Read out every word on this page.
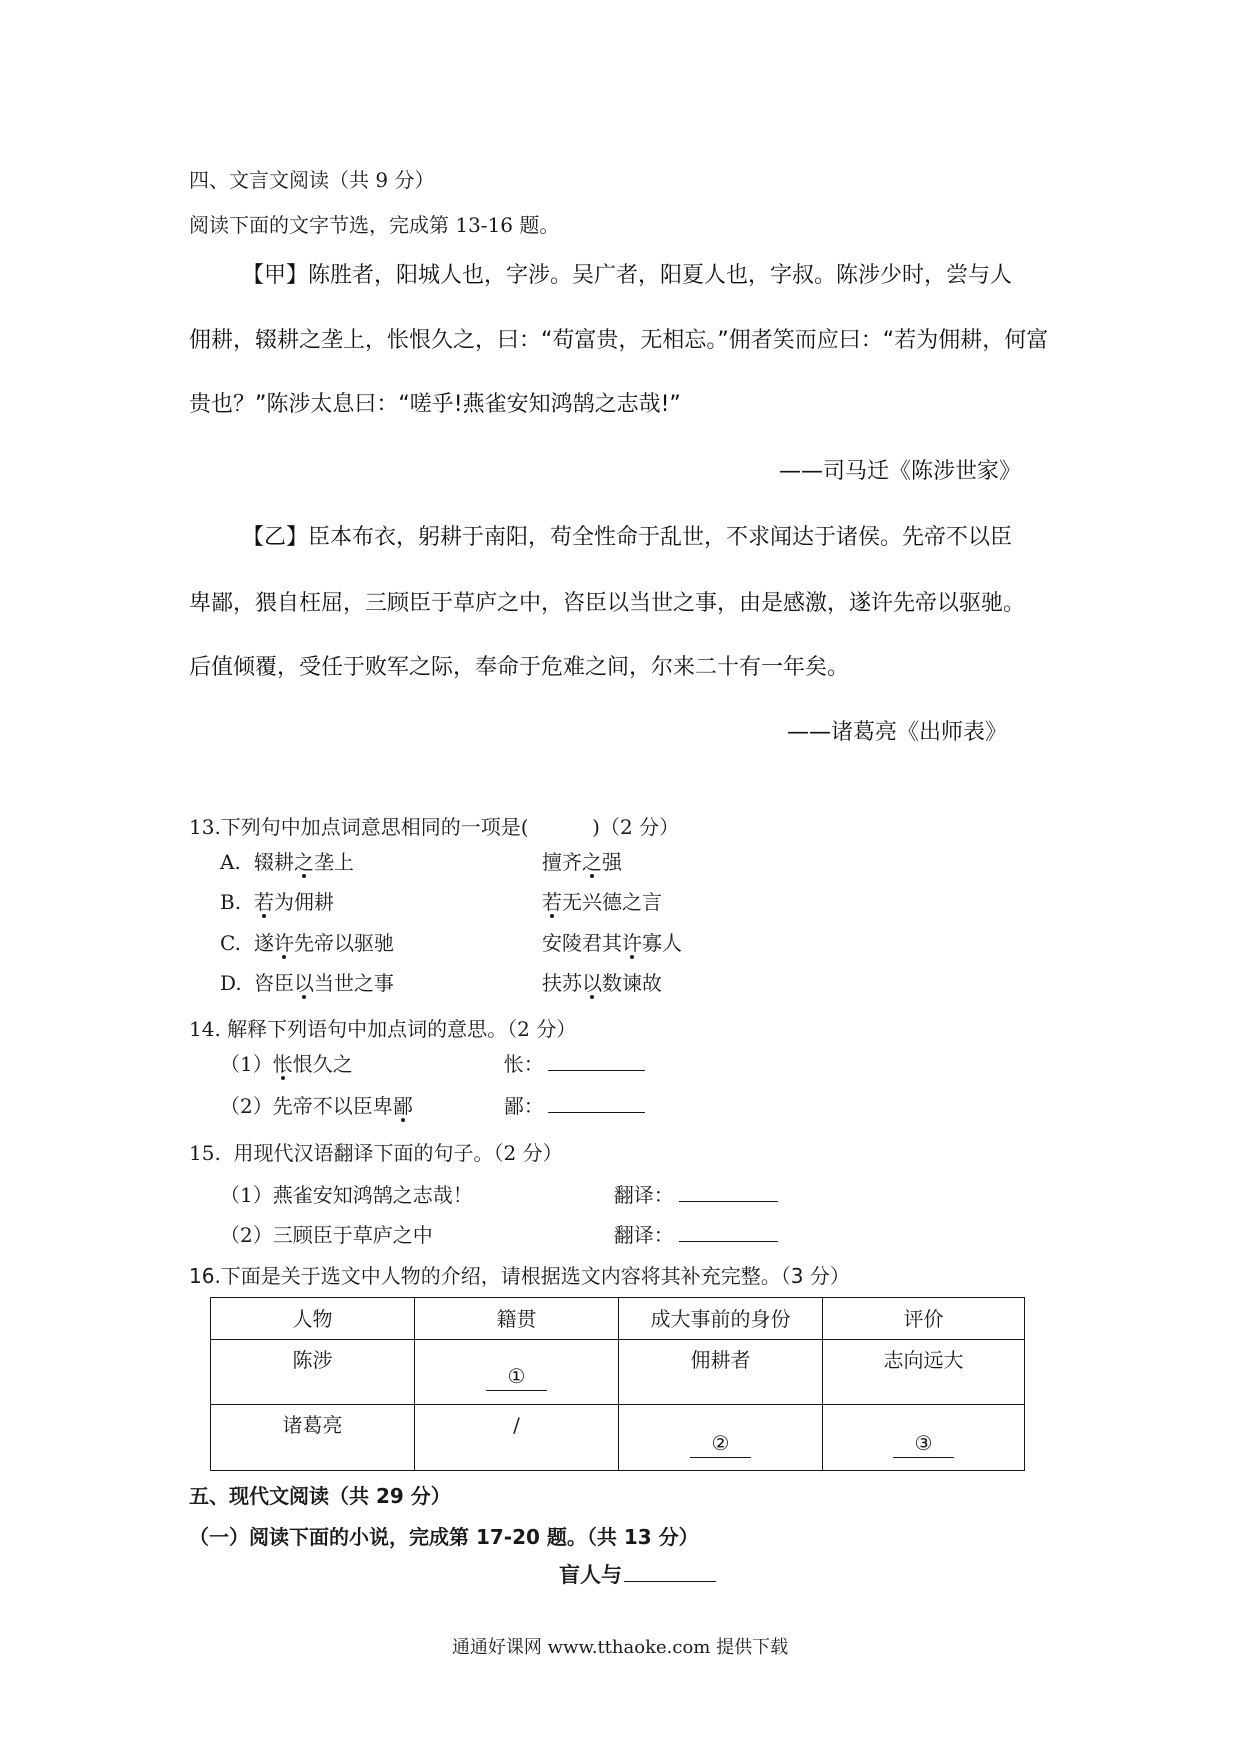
四、文言文阅读（共 9 分）
阅读下面的文字节选，完成第 13-16 题。
【甲】陈胜者，阳城人也，字涉。吴广者，阳夏人也，字叔。陈涉少时，尝与人
佣耕，辍耕之垄上，怅恨久之，曰：“苟富贵，无相忘。”佣者笑而应曰：“若为佣耕，何富
贵也？”陈涉太息曰：“嗟乎!燕雀安知鸿鹄之志哉!”
——司马迁《陈涉世家》
【乙】臣本布衣，躬耕于南阳，苟全性命于乱世，不求闻达于诸侯。先帝不以臣
卑鄙，猥自枉屈，三顾臣于草庐之中，咨臣以当世之事，由是感激，遂许先帝以驱驰。
后值倾覆，受任于败军之际，奉命于危难之间，尔来二十有一年矣。
——诸葛亮《出师表》
13.下列句中加点词意思相同的一项是(          )（2 分）
A. 辍耕 之 垄上	擅齐 之 强
B. 若 为佣耕	若 无兴德之言
C. 遂 许 先帝以驱驰	安陵君其 许 寡人
D. 咨臣 以 当世之事	扶苏 以 数谏故
14. 解释下列语句中加点词的意思。（2 分）
（1） 怅 恨久之	怅：
（2） 先帝不以臣卑 鄙	鄙：
15.  用现代汉语翻译下面的句子。（2 分）
（1） 燕雀安知鸿鹄之志哉！	翻译：
（2） 三顾臣于草庐之中	翻译：
16.下面是关于选文中人物的介绍，请根据选文内容将其补充完整。（3 分）
人物	籍贯	成大事前的身份	评价
陈涉	①	佣耕者	志向远大
诸葛亮	/	②	③
五、现代文阅读（共 29 分）
（一）阅读下面的小说，完成第 17-20 题。（共 13 分）
盲人与
通通好课网 www.tthaoke.com 提供下载
